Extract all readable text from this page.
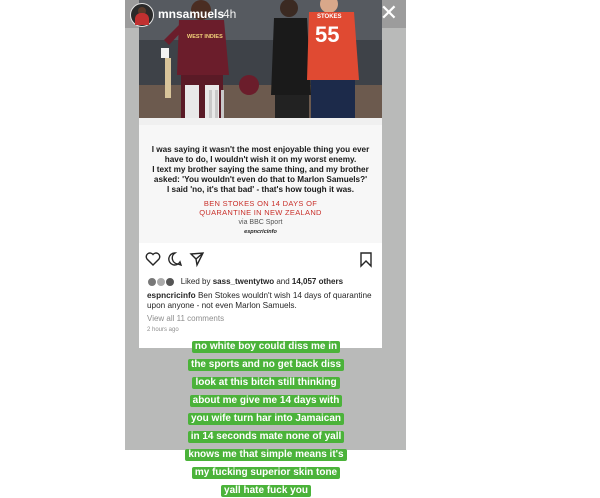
WEST INDIES
STOKES
55
I was saying it wasn't the most enjoyable thing you ever
have to do, I wouldn't wish it on my worst enemy.
I text my brother saying the same thing, and my brother
asked: 'You wouldn't even do that to Marlon Samuels?'
I said 'no, it's that bad' - that's how tough it was.
BEN STOKES ON 14 DAYS OF
QUARANTINE IN NEW ZEALAND
via BBC Sport
espncricinfo
Liked by sass_twentytwo and 14,057 others
espncricinfo Ben Stokes wouldn't wish 14 days of quarantine upon anyone - not even Marlon Samuels.
View all 11 comments
2 hours ago
mnsamuels
4h	✕
no white boy could diss me in
the sports and no get back diss
look at this bitch still thinking
about me give me 14 days with
you wife turn har into Jamaican
in 14 seconds mate none of yall
knows me that simple means it's
my fucking superior skin tone
yall hate fuck you
